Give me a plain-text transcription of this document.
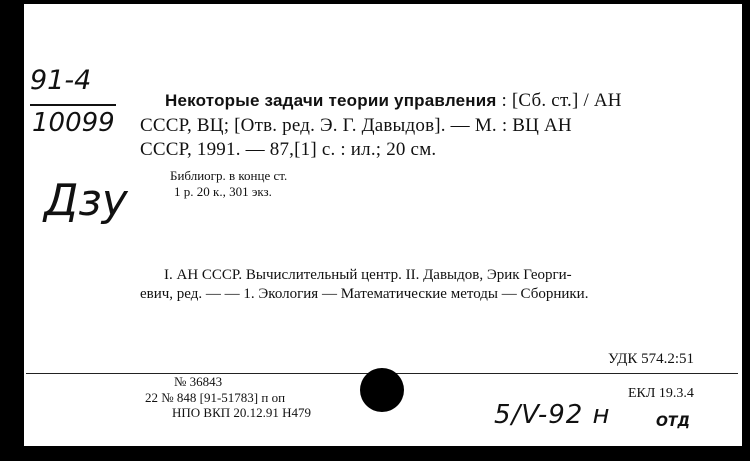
91-4
10099
Дзу
Некоторые задачи теории управления : [Сб. ст.] / АН
СССР, ВЦ; [Отв. ред. Э. Г. Давыдов]. — М. : ВЦ АН
СССР, 1991. — 87,[1] с. : ил.; 20 см.
Библиогр. в конце ст.
1 р. 20 к., 301 экз.
I. АН СССР. Вычислительный центр. II. Давыдов, Эрик Георги-
евич, ред. — — 1. Экология — Математические методы — Сборники.
УДК 574.2:51
№ 36843
22 № 848 [91-51783] п оп
НПО ВКП 20.12.91 Н479
ЕКЛ 19.3.4
5/V-92 н	ОТД
